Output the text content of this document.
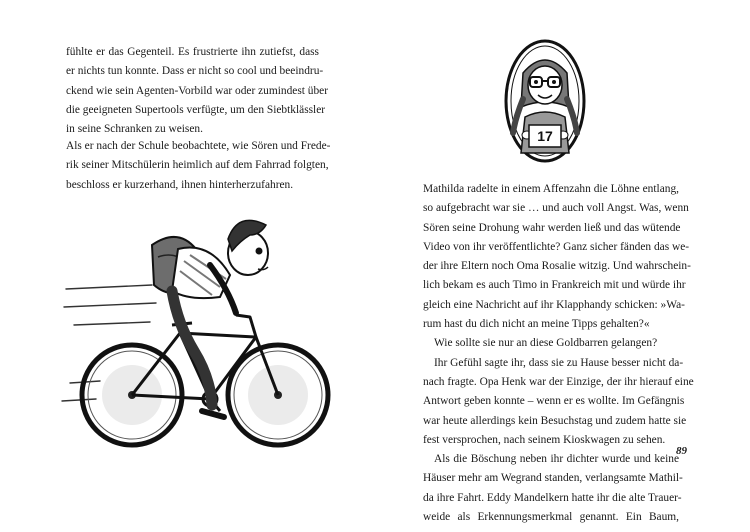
fühlte er das Gegenteil. Es frustrierte ihn zutiefst, dass
er nichts tun konnte. Dass er nicht so cool und beeindru-
ckend wie sein Agenten-Vorbild war oder zumindest über
die geeigneten Supertools verfügte, um den Siebtklässler
in seine Schranken zu weisen.
Als er nach der Schule beobachtete, wie Sören und Frede-
rik seiner Mitschülerin heimlich auf dem Fahrrad folgten,
beschloss er kurzerhand, ihnen hinterherzufahren.
17
Mathilda radelte in einem Affenzahn die Löhne entlang,
so aufgebracht war sie … und auch voll Angst. Was, wenn
Sören seine Drohung wahr werden ließ und das wütende
Video von ihr veröffentlichte? Ganz sicher fänden das we-
der ihre Eltern noch Oma Rosalie witzig. Und wahrschein-
lich bekam es auch Timo in Frankreich mit und würde ihr
gleich eine Nachricht auf ihr Klapphandy schicken: »Wa-
rum hast du dich nicht an meine Tipps gehalten?«
Wie sollte sie nur an diese Goldbarren gelangen?
Ihr Gefühl sagte ihr, dass sie zu Hause besser nicht da-
nach fragte. Opa Henk war der Einzige, der ihr hierauf eine
Antwort geben konnte – wenn er es wollte. Im Gefängnis
war heute allerdings kein Besuchstag und zudem hatte sie
fest versprochen, nach seinem Kioskwagen zu sehen.
Als die Böschung neben ihr dichter wurde und keine
Häuser mehr am Wegrand standen, verlangsamte Mathil-
da ihre Fahrt. Eddy Mandelkern hatte ihr die alte Trauer-
weide als Erkennungsmerkmal genannt. Ein Baum,
89
